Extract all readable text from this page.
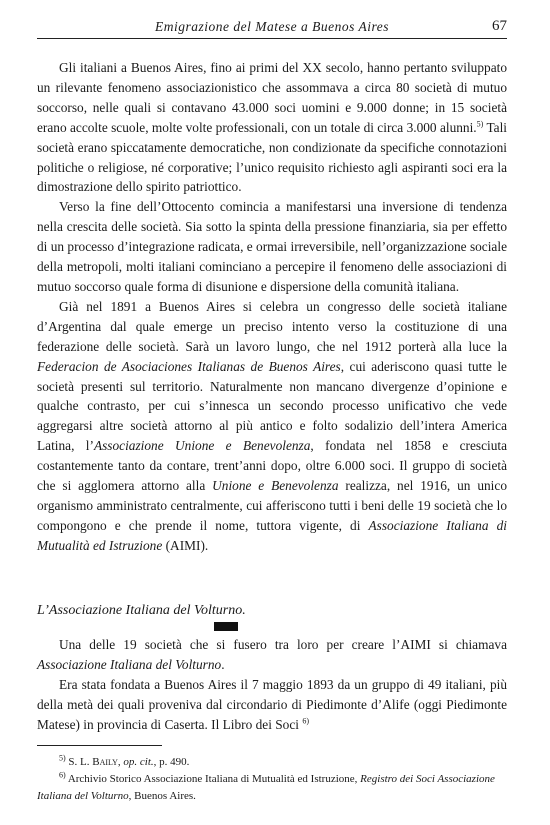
Emigrazione del Matese a Buenos Aires	67

Gli italiani a Buenos Aires, fino ai primi del XX secolo, hanno pertanto sviluppato un rilevante fenomeno associazionistico che assommava a circa 80 società di mutuo soccorso, nelle quali si contavano 43.000 soci uomini e 9.000 donne; in 15 società erano accolte scuole, molte volte professionali, con un totale di circa 3.000 alunni.$^{5)}$ Tali società erano spiccatamente democratiche, non condizionate da specifiche connotazioni politiche o religiose, né corporative; l’unico requisito richiesto agli aspiranti soci era la dimostrazione dello spirito patriottico.

Verso la fine dell’Ottocento comincia a manifestarsi una inversione di tendenza nella crescita delle società. Sia sotto la spinta della pressione finanziaria, sia per effetto di un processo d’integrazione radicata, e ormai irreversibile, nell’organizzazione sociale della metropoli, molti italiani cominciano a percepire il fenomeno delle associazioni di mutuo soccorso quale forma di disunione e dispersione della comunità italiana.

Già nel 1891 a Buenos Aires si celebra un congresso delle società italiane d’Argentina dal quale emerge un preciso intento verso la costituzione di una federazione delle società. Sarà un lavoro lungo, che nel 1912 porterà alla luce la Federacion de Asociaciones Italianas de Buenos Aires, cui aderiscono quasi tutte le società presenti sul territorio. Naturalmente non mancano divergenze d’opinione e qualche contrasto, per cui s’innesca un secondo processo unificativo che vede aggregarsi altre società attorno al più antico e folto sodalizio dell’intera America Latina, l’Associazione Unione e Benevolenza, fondata nel 1858 e cresciuta costantemente tanto da contare, trent’anni dopo, oltre 6.000 soci. Il gruppo di società che si agglomera attorno alla Unione e Benevolenza realizza, nel 1916, un unico organismo amministrato centralmente, cui afferiscono tutti i beni delle 19 società che lo compongono e che prende il nome, tuttora vigente, di Associazione Italiana di Mutualità ed Istruzione (AIMI).

L’Associazione Italiana del Volturno.

Una delle 19 società che si fusero tra loro per creare l’AIMI si chiamava Associazione Italiana del Volturno.

Era stata fondata a Buenos Aires il 7 maggio 1893 da un gruppo di 49 italiani, più della metà dei quali proveniva dal circondario di Piedimonte d’Alife (oggi Piedimonte Matese) in provincia di Caserta. Il Libro dei Soci $^{6)}$

$^{5)}$ S. L. Baily, op. cit., p. 490.

$^{6)}$ Archivio Storico Associazione Italiana di Mutualità ed Istruzione, Registro dei Soci Associazione Italiana del Volturno, Buenos Aires.
